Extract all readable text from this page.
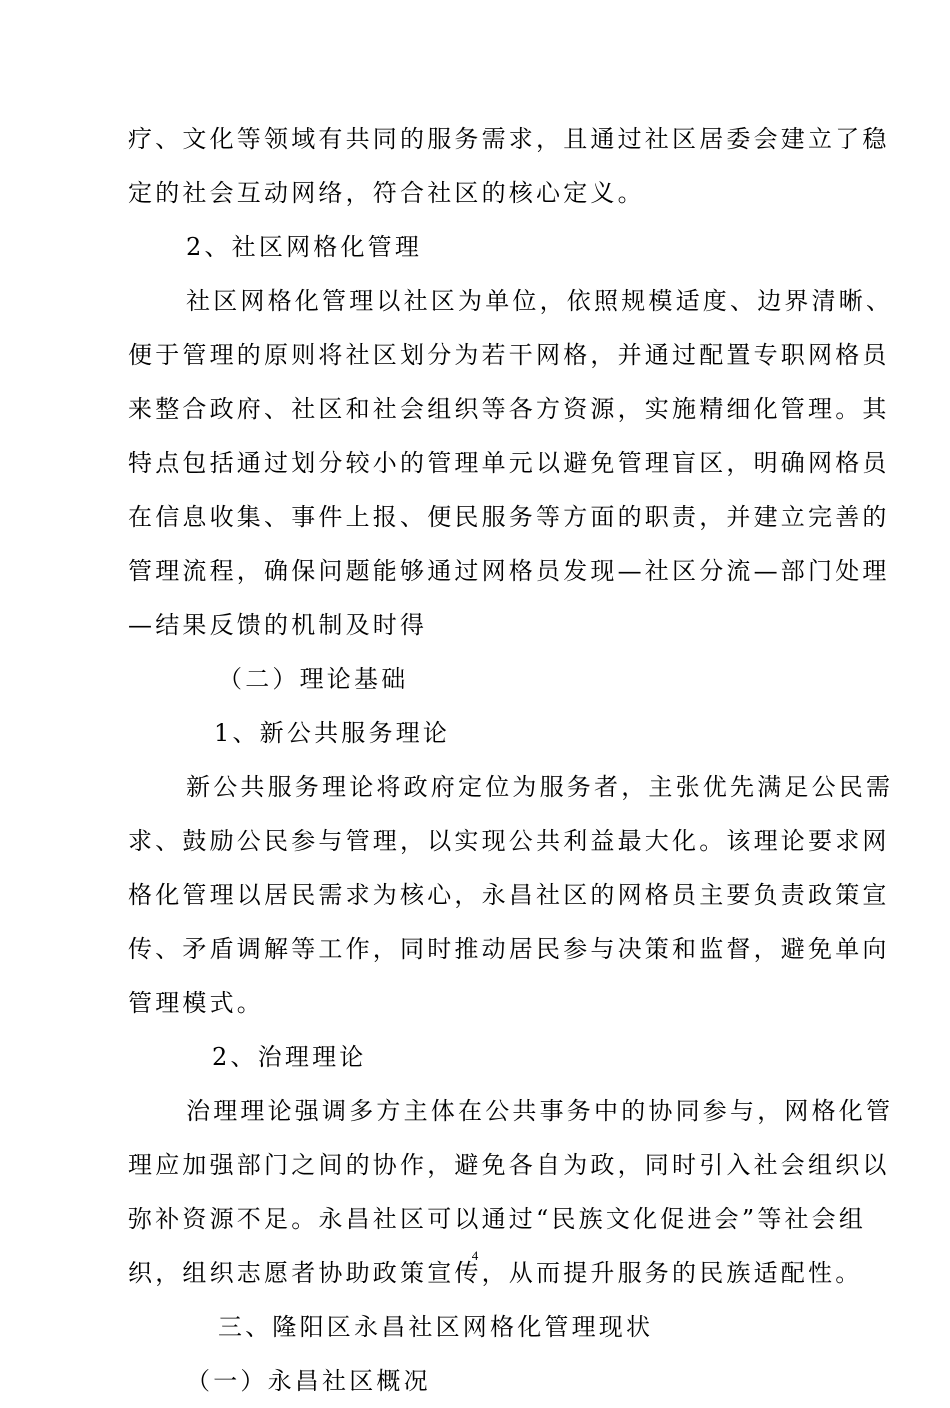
疗、文化等领域有共同的服务需求，且通过社区居委会建立了稳
定的社会互动网络，符合社区的核心定义。
2、社区网格化管理
社区网格化管理以社区为单位，依照规模适度、边界清晰、
便于管理的原则将社区划分为若干网格，并通过配置专职网格员
来整合政府、社区和社会组织等各方资源，实施精细化管理。其
特点包括通过划分较小的管理单元以避免管理盲区，明确网格员
在信息收集、事件上报、便民服务等方面的职责，并建立完善的
管理流程，确保问题能够通过网格员发现—社区分流—部门处理
—结果反馈的机制及时得
（二）理论基础
1、新公共服务理论
新公共服务理论将政府定位为服务者，主张优先满足公民需
求、鼓励公民参与管理，以实现公共利益最大化。该理论要求网
格化管理以居民需求为核心，永昌社区的网格员主要负责政策宣
传、矛盾调解等工作，同时推动居民参与决策和监督，避免单向
管理模式。
2、治理理论
治理理论强调多方主体在公共事务中的协同参与，网格化管
理应加强部门之间的协作，避免各自为政，同时引入社会组织以
弥补资源不足。永昌社区可以通过“民族文化促进会”等社会组
织，组织志愿者协助政策宣传，从而提升服务的民族适配性。
三、隆阳区永昌社区网格化管理现状
（一）永昌社区概况
4
